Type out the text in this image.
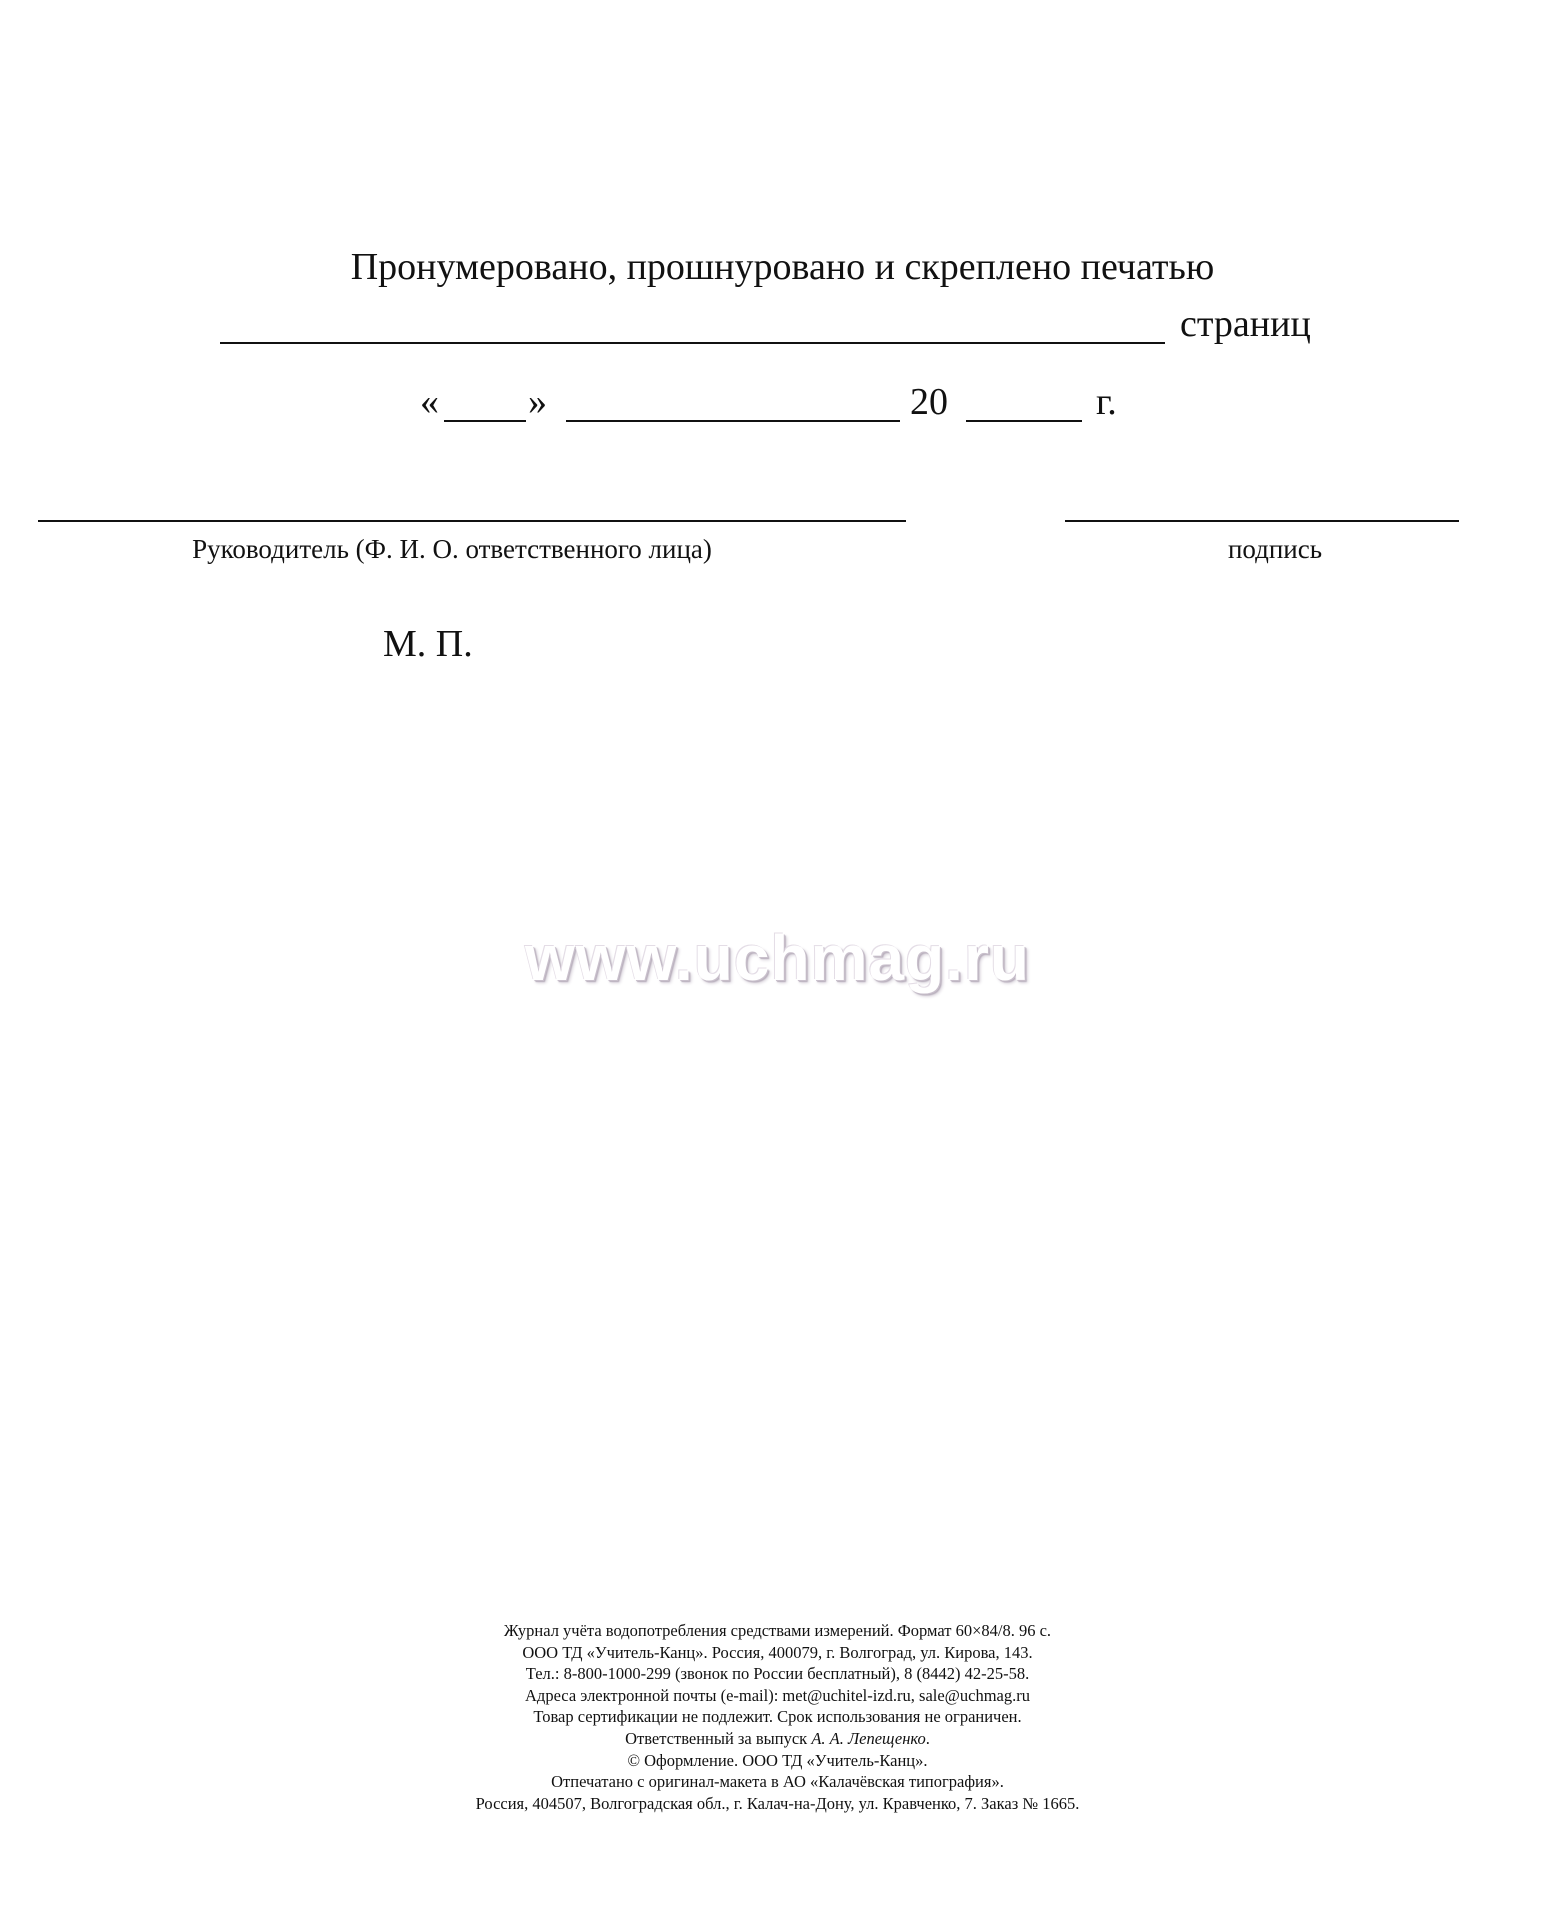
Пронумеровано, прошнуровано и скреплено печатью
страниц
« »	20	г.
Руководитель (Ф. И. О. ответственного лица)	подпись
М. П.
www.uchmag.ru
Журнал учёта водопотребления средствами измерений. Формат 60×84/8. 96 с.
ООО ТД «Учитель-Канц». Россия, 400079, г. Волгоград, ул. Кирова, 143.
Тел.: 8-800-1000-299 (звонок по России бесплатный), 8 (8442) 42-25-58.
Адреса электронной почты (e-mail): met@uchitel-izd.ru, sale@uchmag.ru
Товар сертификации не подлежит. Срок использования не ограничен.
Ответственный за выпуск А. А. Лепещенко.
© Оформление. ООО ТД «Учитель-Канц».
Отпечатано с оригинал-макета в АО «Калачёвская типография».
Россия, 404507, Волгоградская обл., г. Калач-на-Дону, ул. Кравченко, 7. Заказ № 1665.
